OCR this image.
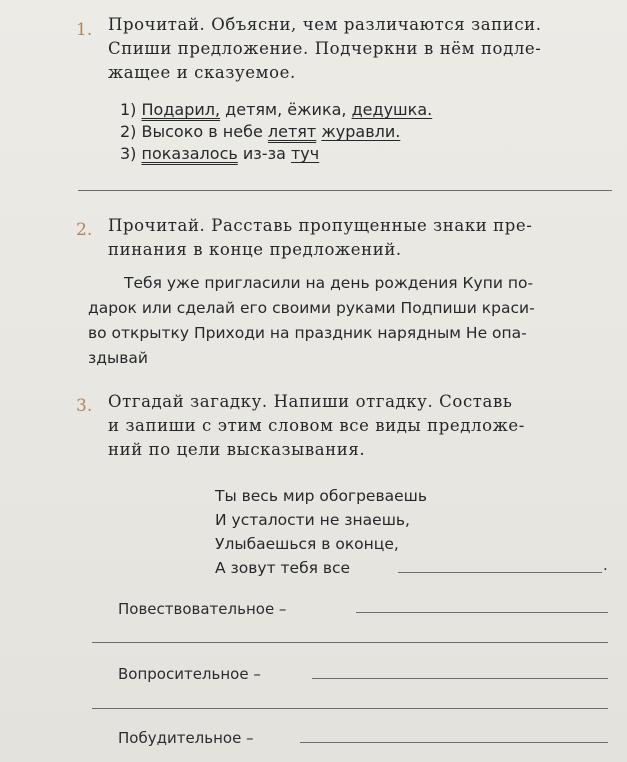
1. Прочитай. Объясни, чем различаются записи.
Спиши предложение. Подчеркни в нём подле-
жащее и сказуемое.
1) Подарил, детям, ёжика, дедушка.
2) Высоко в небе летят журавли.
3) показалось из-за туч
2. Прочитай. Расставь пропущенные знаки пре-
пинания в конце предложений.
Тебя уже пригласили на день рождения Купи по-
дарок или сделай его своими руками Подпиши краси-
во открытку Приходи на праздник нарядным Не опа-
здывай
3. Отгадай загадку. Напиши отгадку. Составь
и запиши с этим словом все виды предложе-
ний по цели высказывания.
Ты весь мир обогреваешь
И усталости не знаешь,
Улыбаешься в оконце,
А зовут тебя все	.
Повествовательное –
Вопросительное –
Побудительное –
